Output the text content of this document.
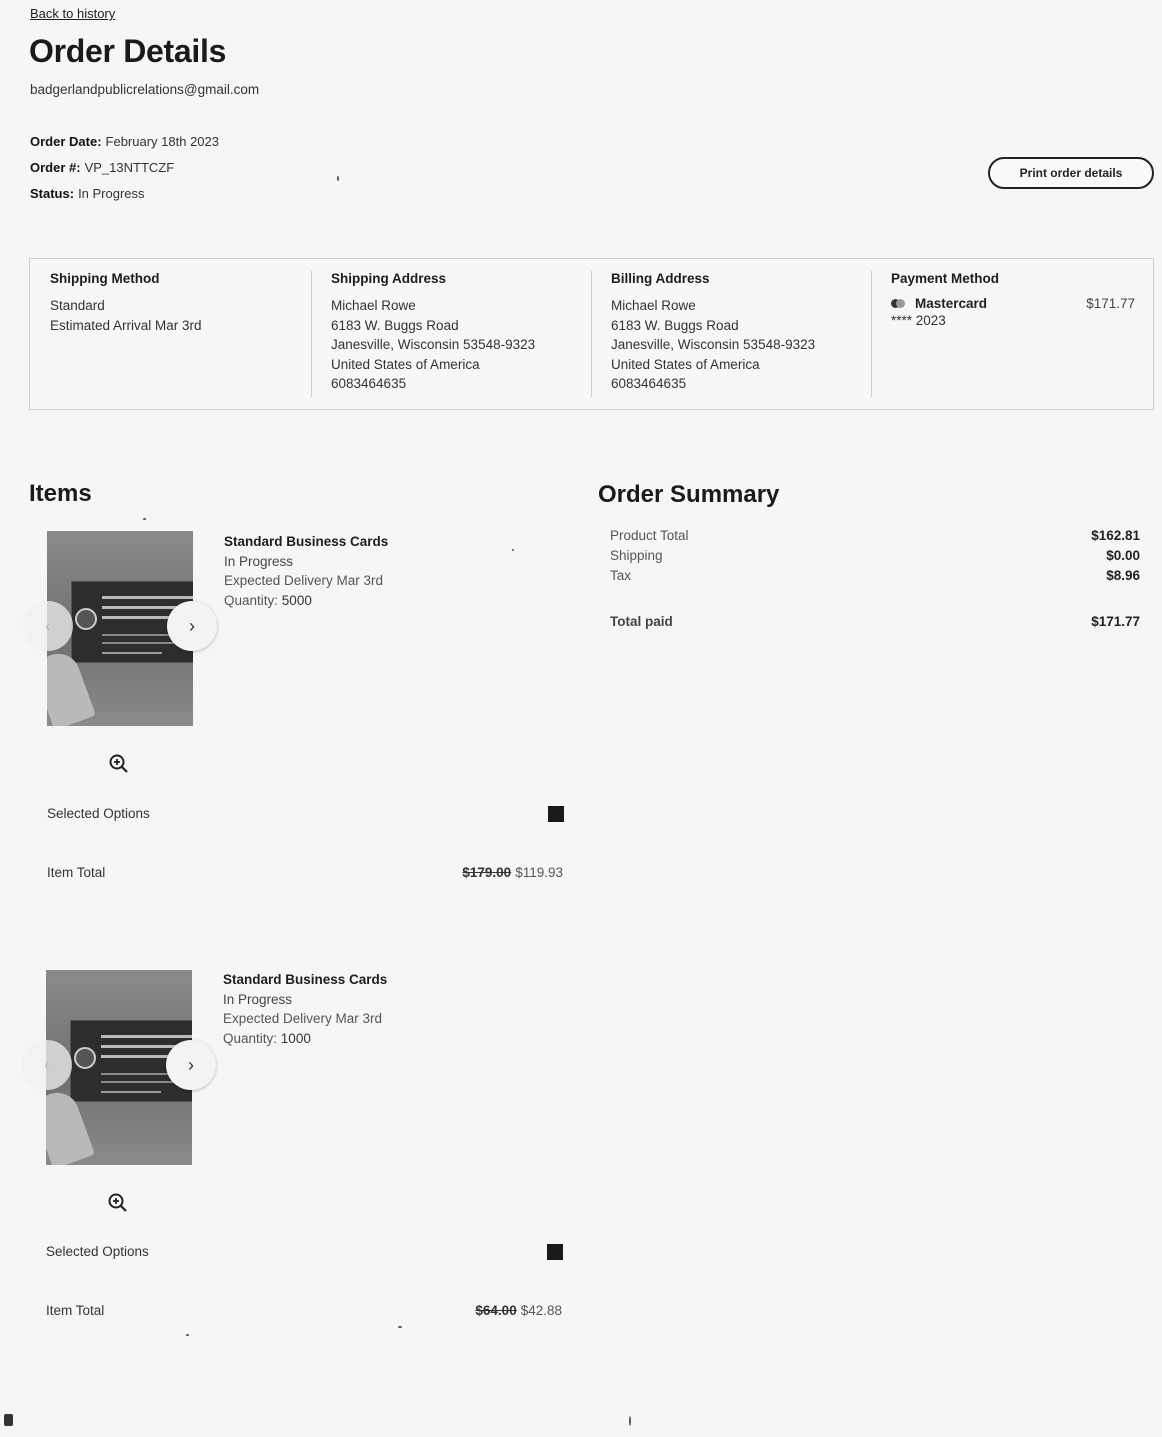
Back to history
Order Details
badgerlandpublicrelations@gmail.com
Order Date: February 18th 2023
Order #: VP_13NTTCZF
Status: In Progress
Print order details
Shipping Method
Standard
Estimated Arrival Mar 3rd
Shipping Address
Michael Rowe
6183 W. Buggs Road
Janesville, Wisconsin 53548-9323
United States of America
6083464635
Billing Address
Michael Rowe
6183 W. Buggs Road
Janesville, Wisconsin 53548-9323
United States of America
6083464635
Payment Method
Mastercard	$171.77
**** 2023
Items
‹	›
Standard Business Cards
In Progress
Expected Delivery Mar 3rd
Quantity: 5000
Selected Options
Item Total	$179.00 $119.93
‹	›
Standard Business Cards
In Progress
Expected Delivery Mar 3rd
Quantity: 1000
Selected Options
Item Total	$64.00 $42.88
Order Summary
Product Total	$162.81
Shipping	$0.00
Tax	$8.96
Total paid	$171.77
